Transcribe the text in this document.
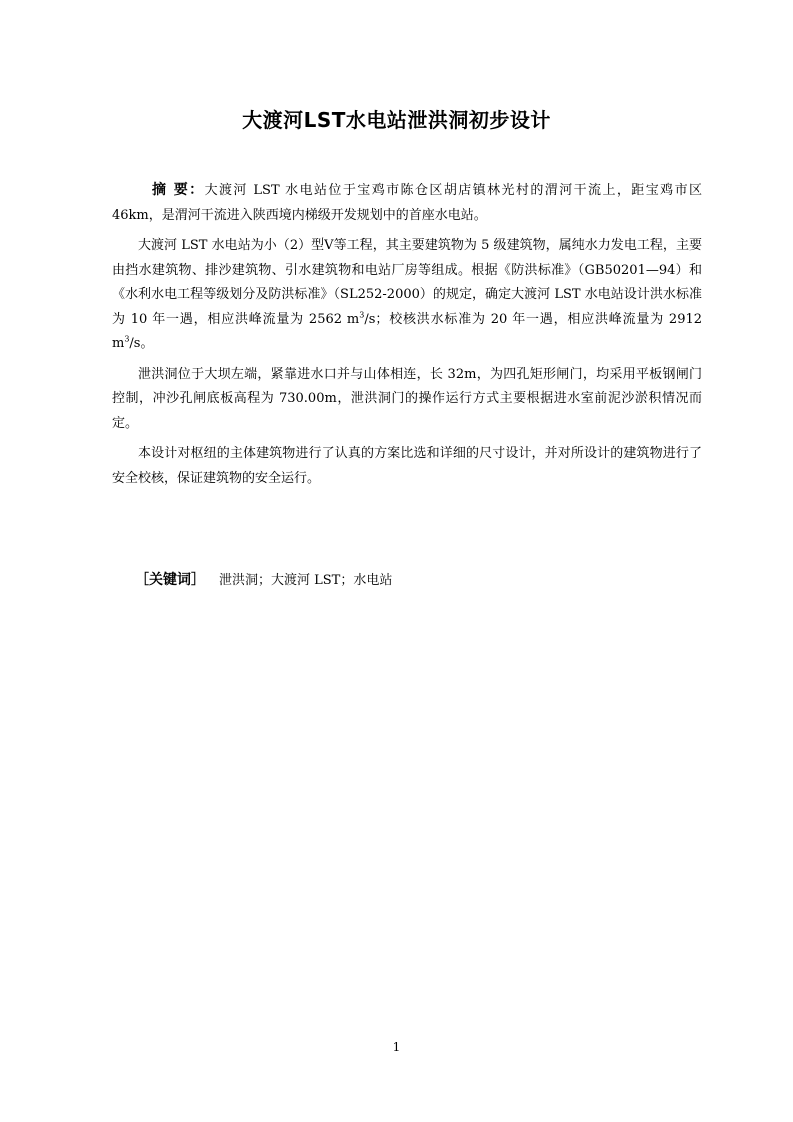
大渡河LST水电站泄洪洞初步设计

摘 要：大渡河 LST 水电站位于宝鸡市陈仓区胡店镇林光村的渭河干流上，距宝鸡市区 46km，是渭河干流进入陕西境内梯级开发规划中的首座水电站。

大渡河 LST 水电站为小（2）型Ⅴ等工程，其主要建筑物为 5 级建筑物，属纯水力发电工程，主要由挡水建筑物、排沙建筑物、引水建筑物和电站厂房等组成。根据《防洪标准》（GB50201—94）和《水利水电工程等级划分及防洪标准》（SL252-2000）的规定，确定大渡河 LST 水电站设计洪水标准为 10 年一遇，相应洪峰流量为 2562 $m^3/s$；校核洪水标准为 20 年一遇，相应洪峰流量为 2912 $m^3/s$。

泄洪洞位于大坝左端，紧靠进水口并与山体相连，长 32m，为四孔矩形闸门，均采用平板钢闸门控制，冲沙孔闸底板高程为 730.00m，泄洪洞门的操作运行方式主要根据进水室前泥沙淤积情况而定。

本设计对枢纽的主体建筑物进行了认真的方案比选和详细的尺寸设计，并对所设计的建筑物进行了安全校核，保证建筑物的安全运行。

［关键词］ 泄洪洞；大渡河 LST；水电站
1
